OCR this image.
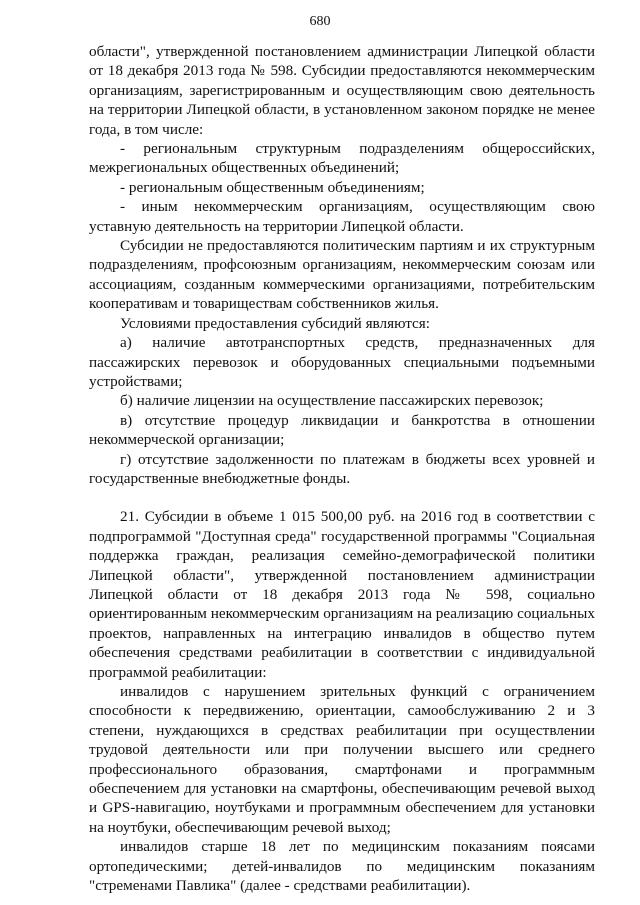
680

области", утвержденной постановлением администрации Липецкой области от 18 декабря 2013 года № 598. Субсидии предоставляются некоммерческим организациям, зарегистрированным и осуществляющим свою деятельность на территории Липецкой области, в установленном законом порядке не менее года, в том числе:

- региональным структурным подразделениям общероссийских, межрегиональных общественных объединений;

- региональным общественным объединениям;

- иным некоммерческим организациям, осуществляющим свою уставную деятельность на территории Липецкой области.

Субсидии не предоставляются политическим партиям и их структурным подразделениям, профсоюзным организациям, некоммерческим союзам или ассоциациям, созданным коммерческими организациями, потребительским кооперативам и товариществам собственников жилья.

Условиями предоставления субсидий являются:

а) наличие автотранспортных средств, предназначенных для пассажирских перевозок и оборудованных специальными подъемными устройствами;

б) наличие лицензии на осуществление пассажирских перевозок;

в) отсутствие процедур ликвидации и банкротства в отношении некоммерческой организации;

г) отсутствие задолженности по платежам в бюджеты всех уровней и государственные внебюджетные фонды.

21. Субсидии в объеме 1 015 500,00 руб. на 2016 год в соответствии с подпрограммой "Доступная среда" государственной программы "Социальная поддержка граждан, реализация семейно-демографической политики Липецкой области", утвержденной постановлением администрации Липецкой области от 18 декабря 2013 года № 598, социально ориентированным некоммерческим организациям на реализацию социальных проектов, направленных на интеграцию инвалидов в общество путем обеспечения средствами реабилитации в соответствии с индивидуальной программой реабилитации:

инвалидов с нарушением зрительных функций с ограничением способности к передвижению, ориентации, самообслуживанию 2 и 3 степени, нуждающихся в средствах реабилитации при осуществлении трудовой деятельности или при получении высшего или среднего профессионального образования, смартфонами и программным обеспечением для установки на смартфоны, обеспечивающим речевой выход и GPS-навигацию, ноутбуками и программным обеспечением для установки на ноутбуки, обеспечивающим речевой выход;

инвалидов старше 18 лет по медицинским показаниям поясами ортопедическими; детей-инвалидов по медицинским показаниям "стременами Павлика" (далее - средствами реабилитации).
